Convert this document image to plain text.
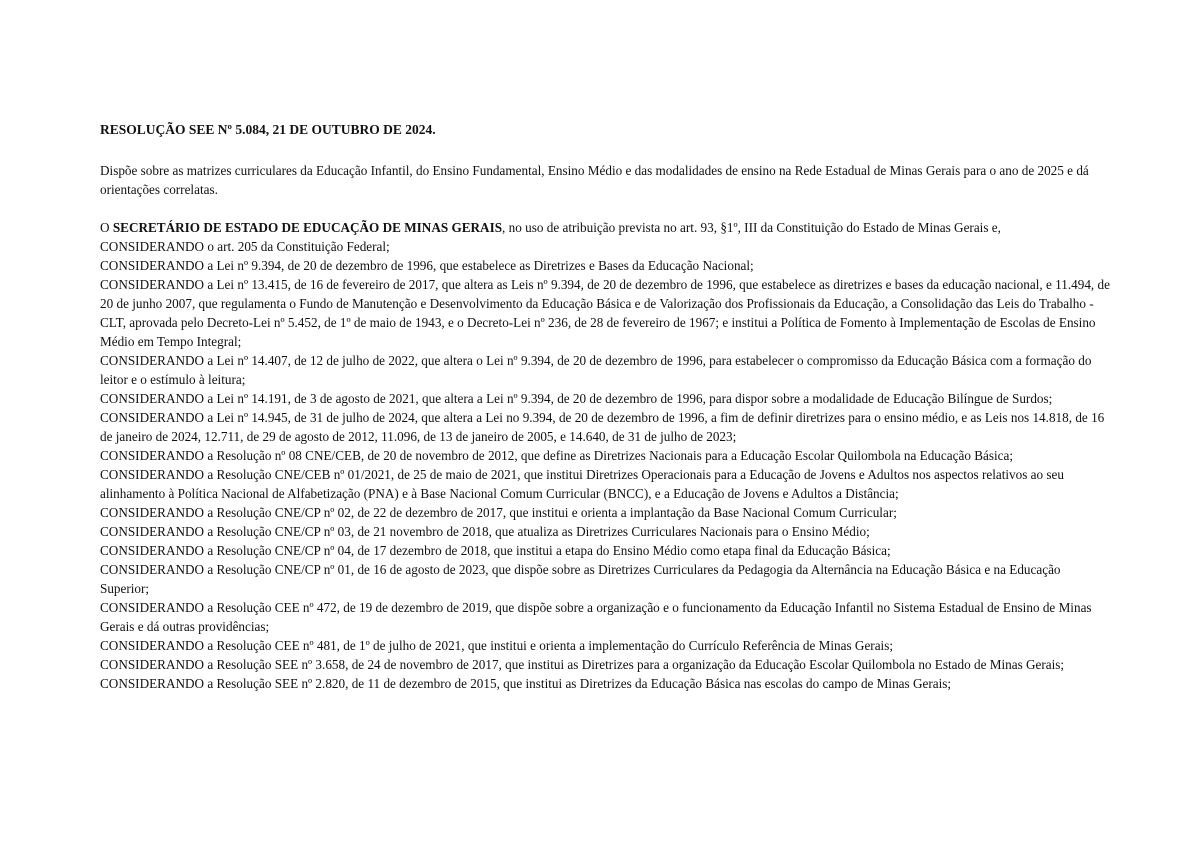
RESOLUÇÃO SEE Nº 5.084, 21 DE OUTUBRO DE 2024.

Dispõe sobre as matrizes curriculares da Educação Infantil, do Ensino Fundamental, Ensino Médio e das modalidades de ensino na Rede Estadual de Minas Gerais para o ano de 2025 e dá orientações correlatas.

O SECRETÁRIO DE ESTADO DE EDUCAÇÃO DE MINAS GERAIS, no uso de atribuição prevista no art. 93, §1º, III da Constituição do Estado de Minas Gerais e,

CONSIDERANDO o art. 205 da Constituição Federal;

CONSIDERANDO a Lei nº 9.394, de 20 de dezembro de 1996, que estabelece as Diretrizes e Bases da Educação Nacional;

CONSIDERANDO a Lei nº 13.415, de 16 de fevereiro de 2017, que altera as Leis nº 9.394, de 20 de dezembro de 1996, que estabelece as diretrizes e bases da educação nacional, e 11.494, de 20 de junho 2007, que regulamenta o Fundo de Manutenção e Desenvolvimento da Educação Básica e de Valorização dos Profissionais da Educação, a Consolidação das Leis do Trabalho - CLT, aprovada pelo Decreto-Lei nº 5.452, de 1º de maio de 1943, e o Decreto-Lei nº 236, de 28 de fevereiro de 1967; e institui a Política de Fomento à Implementação de Escolas de Ensino Médio em Tempo Integral;

CONSIDERANDO a Lei nº 14.407, de 12 de julho de 2022, que altera o Lei nº 9.394, de 20 de dezembro de 1996, para estabelecer o compromisso da Educação Básica com a formação do leitor e o estímulo à leitura;

CONSIDERANDO a Lei nº 14.191, de 3 de agosto de 2021, que altera a Lei nº 9.394, de 20 de dezembro de 1996, para dispor sobre a modalidade de Educação Bilíngue de Surdos;

CONSIDERANDO a Lei nº 14.945, de 31 de julho de 2024, que altera a Lei no 9.394, de 20 de dezembro de 1996, a fim de definir diretrizes para o ensino médio, e as Leis nos 14.818, de 16 de janeiro de 2024, 12.711, de 29 de agosto de 2012, 11.096, de 13 de janeiro de 2005, e 14.640, de 31 de julho de 2023;

CONSIDERANDO a Resolução nº 08 CNE/CEB, de 20 de novembro de 2012, que define as Diretrizes Nacionais para a Educação Escolar Quilombola na Educação Básica;

CONSIDERANDO a Resolução CNE/CEB nº 01/2021, de 25 de maio de 2021, que institui Diretrizes Operacionais para a Educação de Jovens e Adultos nos aspectos relativos ao seu alinhamento à Política Nacional de Alfabetização (PNA) e à Base Nacional Comum Curricular (BNCC), e a Educação de Jovens e Adultos a Distância;

CONSIDERANDO a Resolução CNE/CP nº 02, de 22 de dezembro de 2017, que institui e orienta a implantação da Base Nacional Comum Curricular;

CONSIDERANDO a Resolução CNE/CP nº 03, de 21 novembro de 2018, que atualiza as Diretrizes Curriculares Nacionais para o Ensino Médio;

CONSIDERANDO a Resolução CNE/CP nº 04, de 17 dezembro de 2018, que institui a etapa do Ensino Médio como etapa final da Educação Básica;

CONSIDERANDO a Resolução CNE/CP nº 01, de 16 de agosto de 2023, que dispõe sobre as Diretrizes Curriculares da Pedagogia da Alternância na Educação Básica e na Educação Superior;

CONSIDERANDO a Resolução CEE nº 472, de 19 de dezembro de 2019, que dispõe sobre a organização e o funcionamento da Educação Infantil no Sistema Estadual de Ensino de Minas Gerais e dá outras providências;

CONSIDERANDO a Resolução CEE nº 481, de 1º de julho de 2021, que institui e orienta a implementação do Currículo Referência de Minas Gerais;

CONSIDERANDO a Resolução SEE nº 3.658, de 24 de novembro de 2017, que institui as Diretrizes para a organização da Educação Escolar Quilombola no Estado de Minas Gerais;

CONSIDERANDO a Resolução SEE nº 2.820, de 11 de dezembro de 2015, que institui as Diretrizes da Educação Básica nas escolas do campo de Minas Gerais;
